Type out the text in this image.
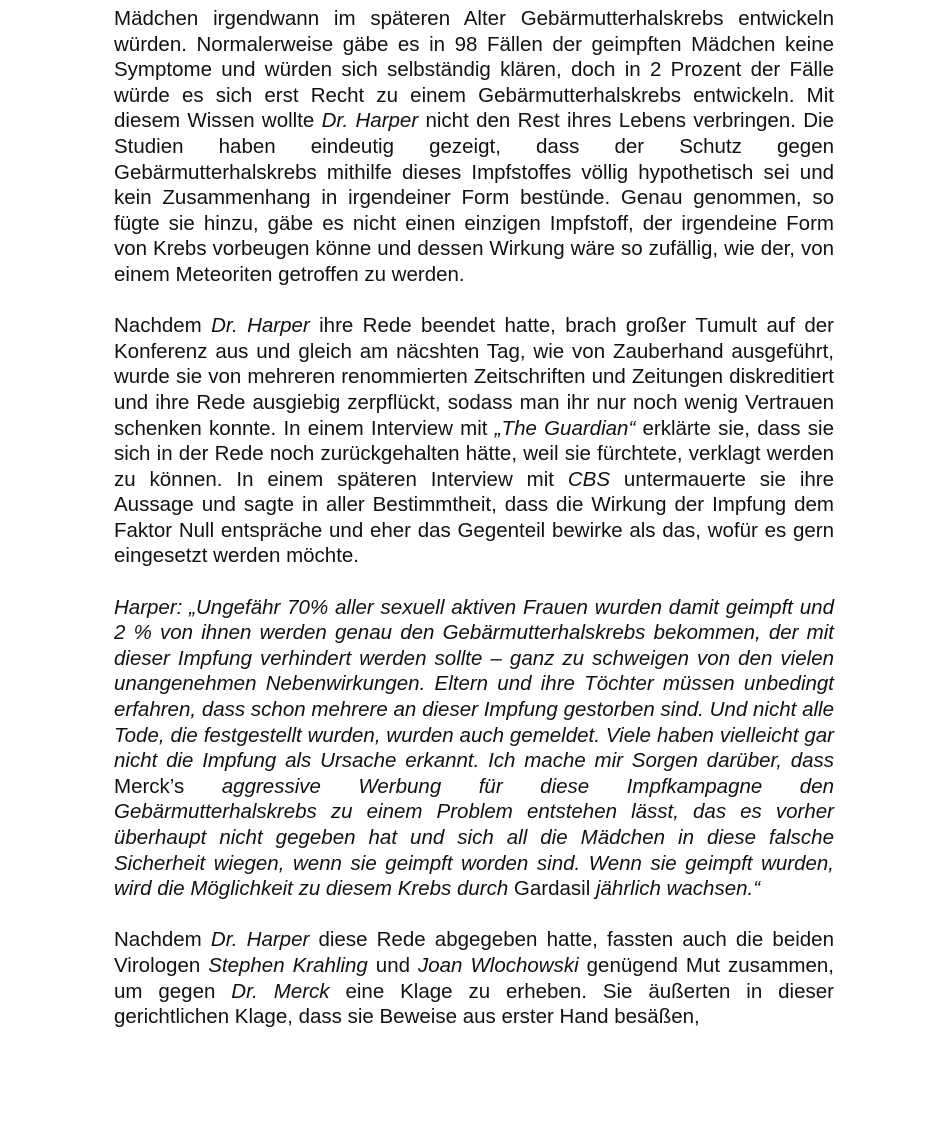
Mädchen irgendwann im späteren Alter Gebärmutterhalskrebs entwickeln würden. Normalerweise gäbe es in 98 Fällen der geimpften Mädchen keine Symptome und würden sich selbständig klären, doch in 2 Prozent der Fälle würde es sich erst Recht zu einem Gebärmutterhalskrebs entwickeln. Mit diesem Wissen wollte Dr. Harper nicht den Rest ihres Lebens verbringen. Die Studien haben eindeutig gezeigt, dass der Schutz gegen Gebärmutterhalskrebs mithilfe dieses Impfstoffes völlig hypothetisch sei und kein Zusammenhang in irgendeiner Form bestünde. Genau genommen, so fügte sie hinzu, gäbe es nicht einen einzigen Impfstoff, der irgendeine Form von Krebs vorbeugen könne und dessen Wirkung wäre so zufällig, wie der, von einem Meteoriten getroffen zu werden.

Nachdem Dr. Harper ihre Rede beendet hatte, brach großer Tumult auf der Konferenz aus und gleich am näcshten Tag, wie von Zauberhand ausgeführt, wurde sie von mehreren renommierten Zeitschriften und Zeitungen diskreditiert und ihre Rede ausgiebig zerpflückt, sodass man ihr nur noch wenig Vertrauen schenken konnte. In einem Interview mit „The Guardian“ erklärte sie, dass sie sich in der Rede noch zurückgehalten hätte, weil sie fürchtete, verklagt werden zu können. In einem späteren Interview mit CBS untermauerte sie ihre Aussage und sagte in aller Bestimmtheit, dass die Wirkung der Impfung dem Faktor Null entspräche und eher das Gegenteil bewirke als das, wofür es gern eingesetzt werden möchte.

Harper: „Ungefähr 70% aller sexuell aktiven Frauen wurden damit geimpft und 2 % von ihnen werden genau den Gebärmutterhalskrebs bekommen, der mit dieser Impfung verhindert werden sollte – ganz zu schweigen von den vielen unangenehmen Nebenwirkungen. Eltern und ihre Töchter müssen unbedingt erfahren, dass schon mehrere an dieser Impfung gestorben sind. Und nicht alle Tode, die festgestellt wurden, wurden auch gemeldet. Viele haben vielleicht gar nicht die Impfung als Ursache erkannt. Ich mache mir Sorgen darüber, dass Merck’s aggressive Werbung für diese Impfkampagne den Gebärmutterhalskrebs zu einem Problem entstehen lässt, das es vorher überhaupt nicht gegeben hat und sich all die Mädchen in diese falsche Sicherheit wiegen, wenn sie geimpft worden sind. Wenn sie geimpft wurden, wird die Möglichkeit zu diesem Krebs durch Gardasil jährlich wachsen.“

Nachdem Dr. Harper diese Rede abgegeben hatte, fassten auch die beiden Virologen Stephen Krahling und Joan Wlochowski genügend Mut zusammen, um gegen Dr. Merck eine Klage zu erheben. Sie äußerten in dieser gerichtlichen Klage, dass sie Beweise aus erster Hand besäßen,
